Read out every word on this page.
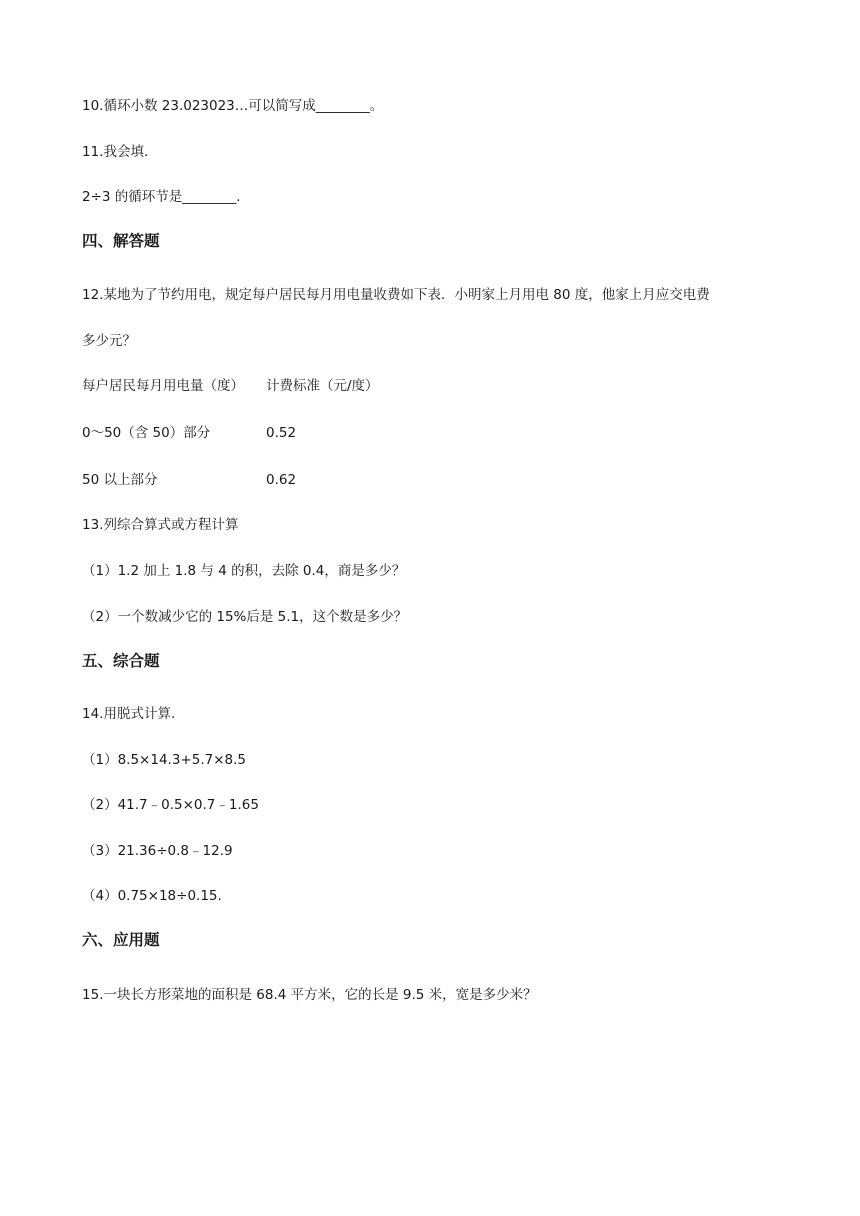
10.循环小数 23.023023…可以简写成________。
11.我会填.
2÷3 的循环节是________.
四、解答题
12.某地为了节约用电，规定每户居民每月用电量收费如下表．小明家上月用电 80 度，他家上月应交电费
多少元？
每户居民每月用电量（度） 计费标准（元/度）
0～50（含 50）部分	0.52
50 以上部分	0.62
13.列综合算式或方程计算
（1）1.2 加上 1.8 与 4 的积，去除 0.4，商是多少？
（2）一个数减少它的 15%后是 5.1，这个数是多少？
五、综合题
14.用脱式计算.
（1）8.5×14.3+5.7×8.5
（2）41.7﹣0.5×0.7﹣1.65
（3）21.36÷0.8﹣12.9
（4）0.75×18÷0.15.
六、应用题
15.一块长方形菜地的面积是 68.4 平方米，它的长是 9.5 米，宽是多少米？
